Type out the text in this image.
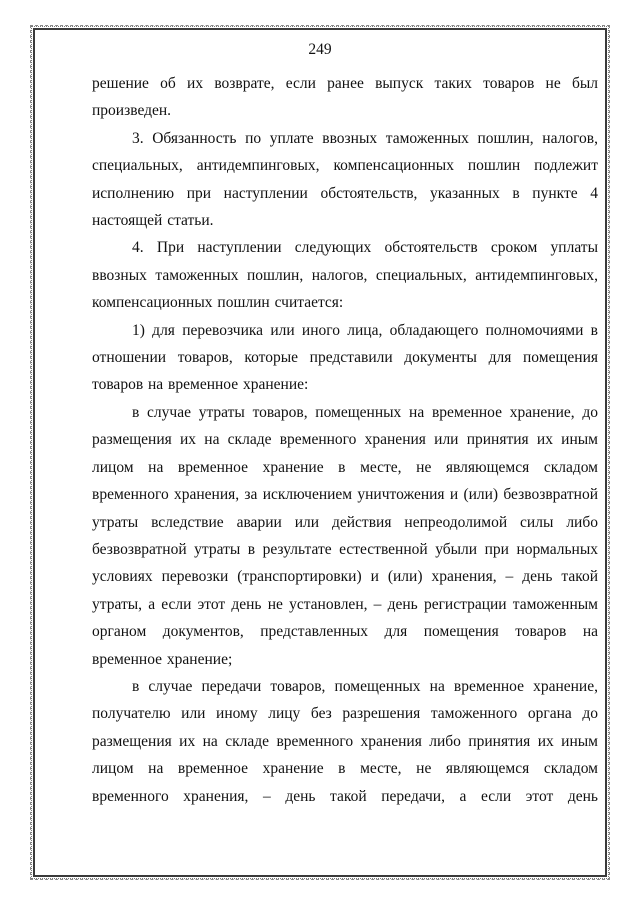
249

решение об их возврате, если ранее выпуск таких товаров не был произведен.

3. Обязанность по уплате ввозных таможенных пошлин, налогов, специальных, антидемпинговых, компенсационных пошлин подлежит исполнению при наступлении обстоятельств, указанных в пункте 4 настоящей статьи.

4. При наступлении следующих обстоятельств сроком уплаты ввозных таможенных пошлин, налогов, специальных, антидемпинговых, компенсационных пошлин считается:

1) для перевозчика или иного лица, обладающего полномочиями в отношении товаров, которые представили документы для помещения товаров на временное хранение:

в случае утраты товаров, помещенных на временное хранение, до размещения их на складе временного хранения или принятия их иным лицом на временное хранение в месте, не являющемся складом временного хранения, за исключением уничтожения и (или) безвозвратной утраты вследствие аварии или действия непреодолимой силы либо безвозвратной утраты в результате естественной убыли при нормальных условиях перевозки (транспортировки) и (или) хранения, – день такой утраты, а если этот день не установлен, – день регистрации таможенным органом документов, представленных для помещения товаров на временное хранение;

в случае передачи товаров, помещенных на временное хранение, получателю или иному лицу без разрешения таможенного органа до размещения их на складе временного хранения либо принятия их иным лицом на временное хранение в месте, не являющемся складом временного хранения, – день такой передачи, а если этот день
